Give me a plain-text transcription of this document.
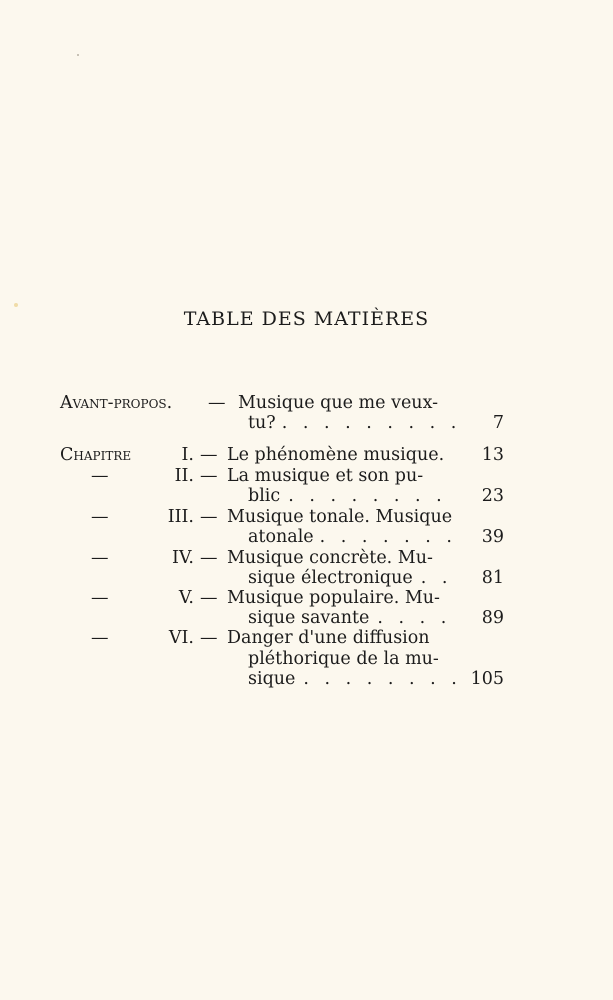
TABLE DES MATIÈRES
Avant-propos. — Musique que me veux-
tu? . . . . . . . . .	7
Chapitre	I. — Le phénomène musique.	13
—	II. — La musique et son pu-
blic . . . . . . . .	23
—	III. — Musique tonale. Musique
atonale . . . . . . .	39
—	IV. — Musique concrète. Mu-
sique électronique . .	81
—	V. — Musique populaire. Mu-
sique savante . . . .	89
—	VI. — Danger d'une diffusion
pléthorique de la mu-
sique . . . . . . . . 105
